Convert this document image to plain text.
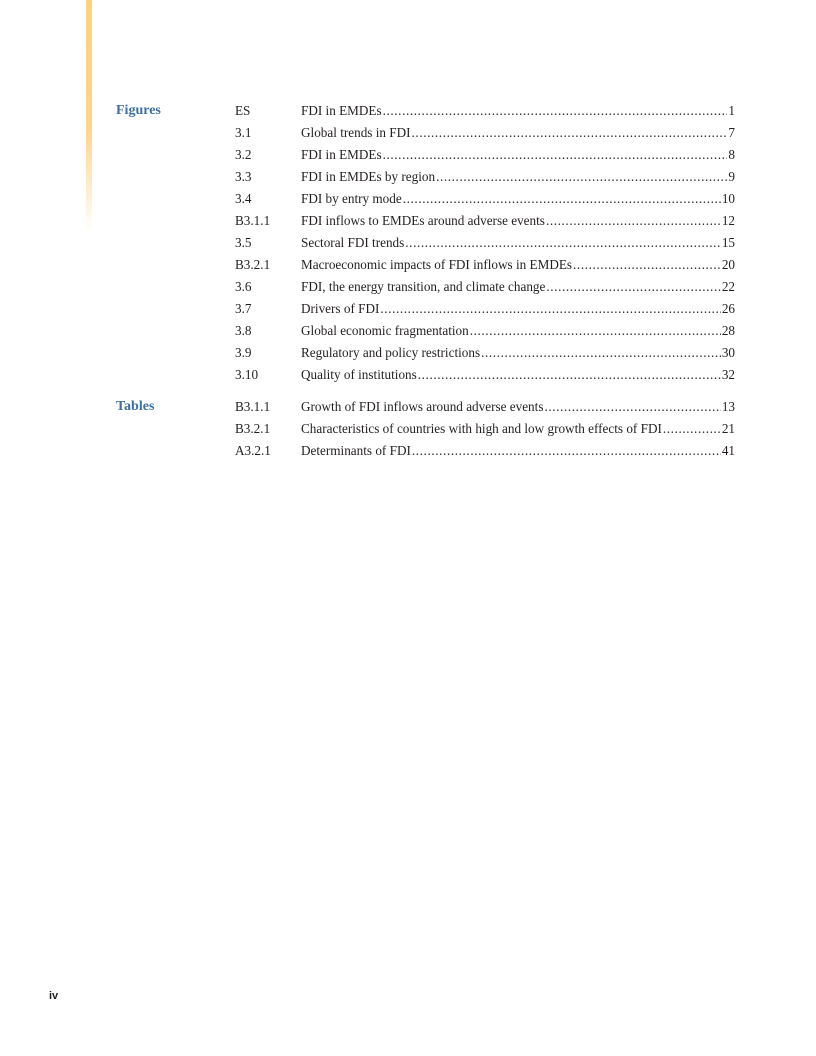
Figures	ES	FDI in EMDEs .....	1
3.1	Global trends in FDI .....	7
3.2	FDI in EMDEs .....	8
3.3	FDI in EMDEs by region .....	9
3.4	FDI by entry mode .....	10
B3.1.1	FDI inflows to EMDEs around adverse events .....	12
3.5	Sectoral FDI trends .....	15
B3.2.1	Macroeconomic impacts of FDI inflows in EMDEs .....	20
3.6	FDI, the energy transition, and climate change .....	22
3.7	Drivers of FDI .....	26
3.8	Global economic fragmentation .....	28
3.9	Regulatory and policy restrictions .....	30
3.10	Quality of institutions .....	32
Tables	B3.1.1	Growth of FDI inflows around adverse events .....	13
B3.2.1	Characteristics of countries with high and low growth effects of FDI .....	21
A3.2.1	Determinants of FDI .....	41
iv
